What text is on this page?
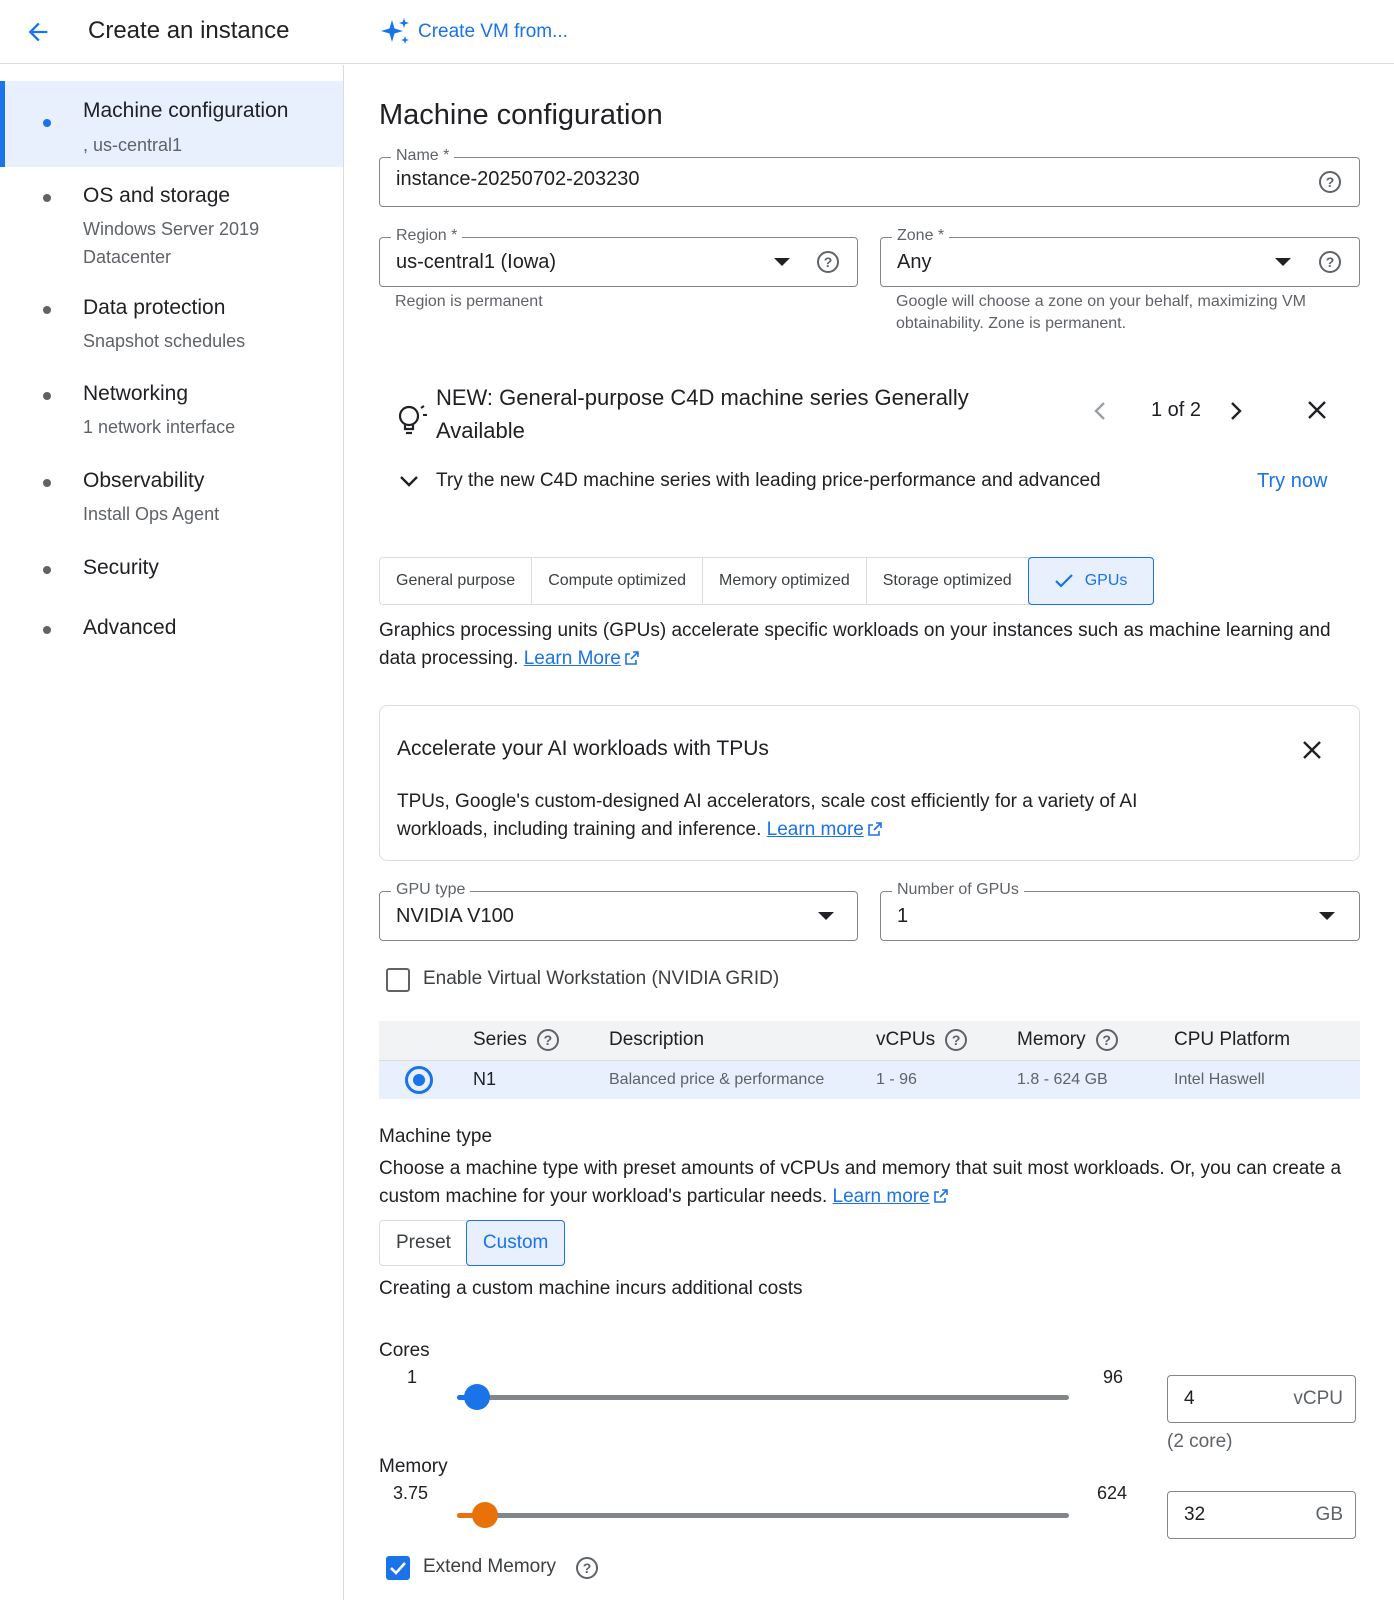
Create an instance	Create VM from...
Machine configuration
, us-central1
OS and storage
Windows Server 2019 Datacenter
Data protection
Snapshot schedules
Networking
1 network interface
Observability
Install Ops Agent
Security
Advanced
Machine configuration
Name *
instance-20250702-203230
?
Region *
us-central1 (Iowa)	?
Region is permanent
Zone *
Any	?
Google will choose a zone on your behalf, maximizing VM obtainability. Zone is permanent.
NEW: General-purpose C4D machine series Generally Available
1 of 2
Try the new C4D machine series with leading price-performance and advanced	Try now
General purpose	Compute optimized	Memory optimized	Storage optimized	GPUs
Graphics processing units (GPUs) accelerate specific workloads on your instances such as machine learning and data processing. Learn More
Accelerate your AI workloads with TPUs
TPUs, Google's custom-designed AI accelerators, scale cost efficiently for a variety of AI workloads, including training and inference. Learn more
GPU type
NVIDIA V100
Number of GPUs
1
Enable Virtual Workstation (NVIDIA GRID)
Series	?	Description	vCPUs	?	Memory	?	CPU Platform
N1	Balanced price & performance	1 - 96	1.8 - 624 GB	Intel Haswell
Machine type
Choose a machine type with preset amounts of vCPUs and memory that suit most workloads. Or, you can create a custom machine for your workload's particular needs. Learn more
Preset	Custom
Creating a custom machine incurs additional costs
Cores
1	96
4	vCPU
(2 core)
Memory
3.75	624
32	GB
Extend Memory	?
